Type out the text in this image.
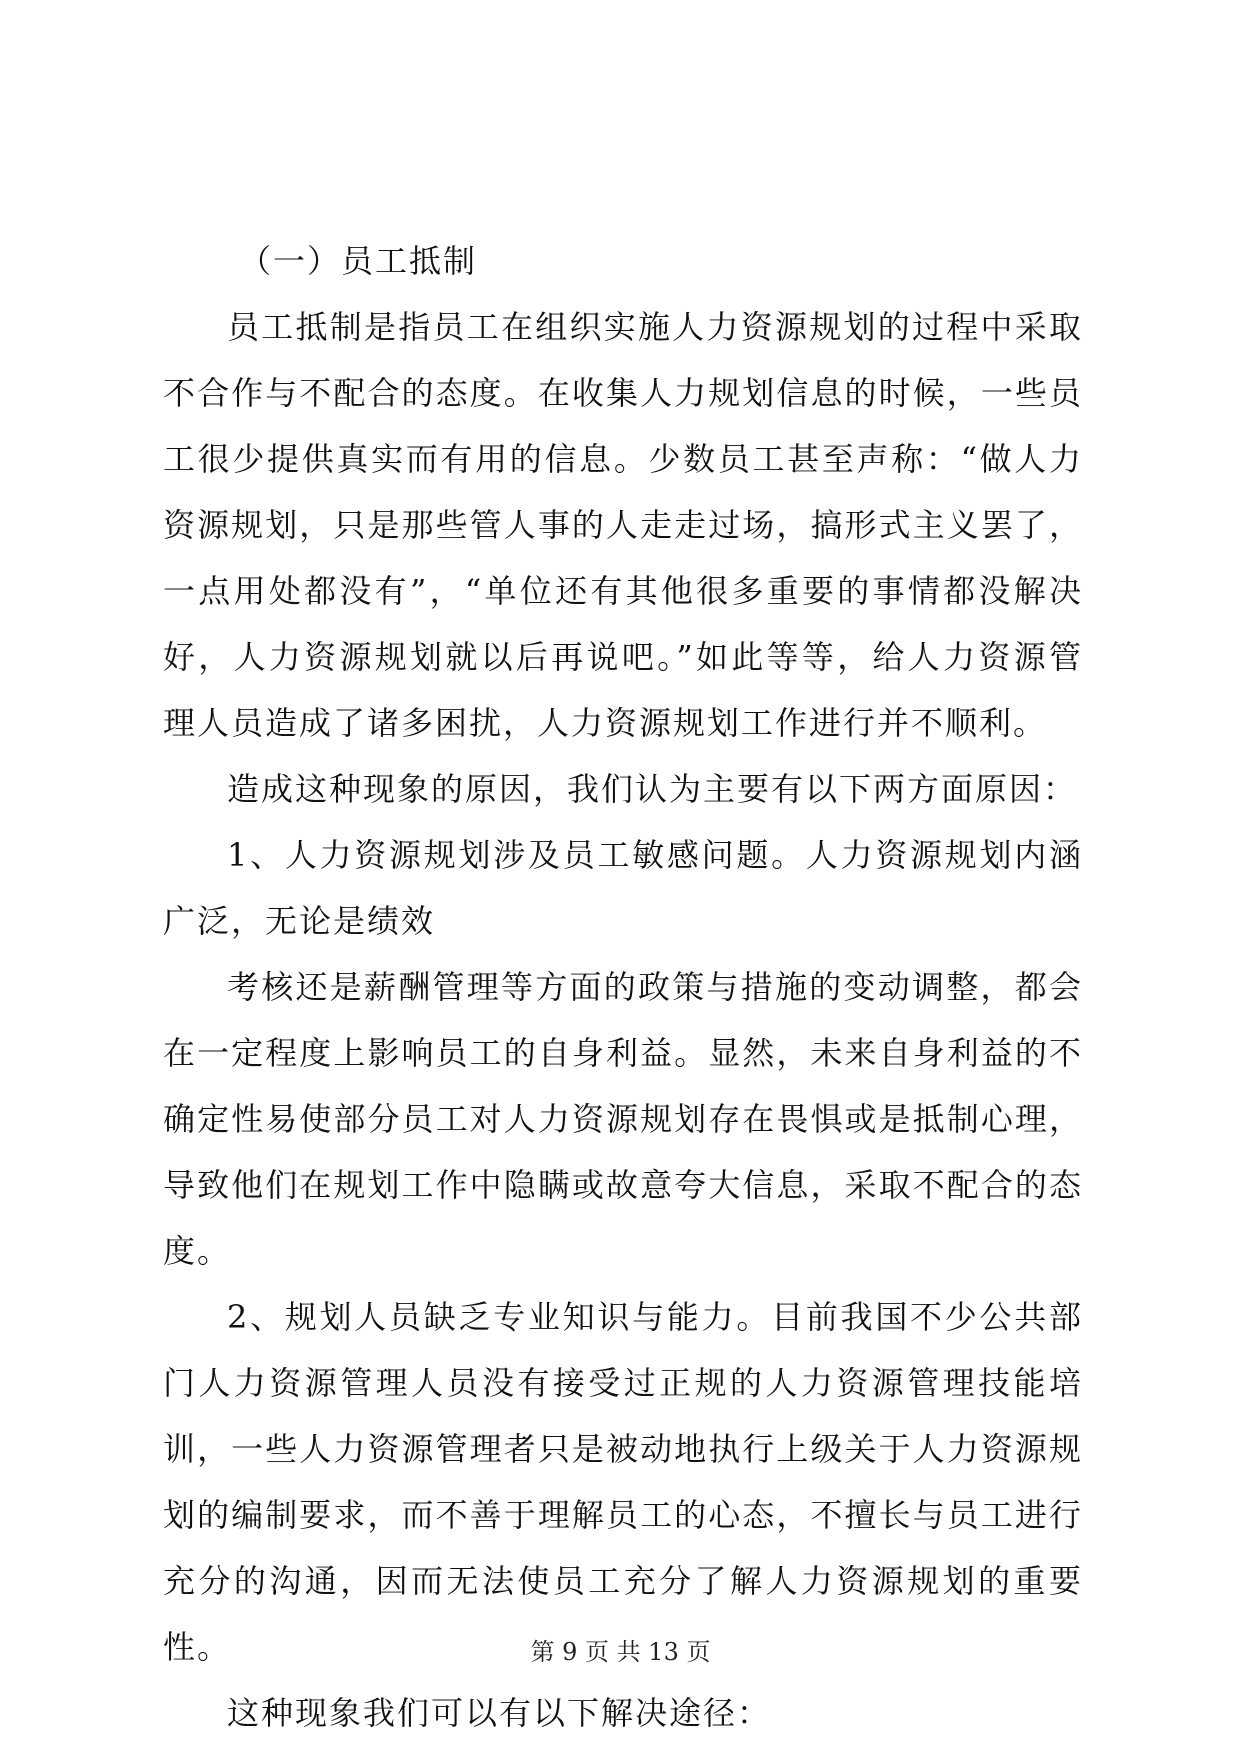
（一）员工抵制

员工抵制是指员工在组织实施人力资源规划的过程中采取不合作与不配合的态度。在收集人力规划信息的时候，一些员工很少提供真实而有用的信息。少数员工甚至声称：“做人力资源规划，只是那些管人事的人走走过场，搞形式主义罢了，一点用处都没有”，“单位还有其他很多重要的事情都没解决好，人力资源规划就以后再说吧。”如此等等，给人力资源管理人员造成了诸多困扰，人力资源规划工作进行并不顺利。

造成这种现象的原因，我们认为主要有以下两方面原因：

1、人力资源规划涉及员工敏感问题。人力资源规划内涵广泛，无论是绩效

考核还是薪酬管理等方面的政策与措施的变动调整，都会在一定程度上影响员工的自身利益。显然，未来自身利益的不确定性易使部分员工对人力资源规划存在畏惧或是抵制心理，导致他们在规划工作中隐瞒或故意夸大信息，采取不配合的态度。

2、规划人员缺乏专业知识与能力。目前我国不少公共部门人力资源管理人员没有接受过正规的人力资源管理技能培训，一些人力资源管理者只是被动地执行上级关于人力资源规划的编制要求，而不善于理解员工的心态，不擅长与员工进行充分的沟通，因而无法使员工充分了解人力资源规划的重要性。

这种现象我们可以有以下解决途径：

第 9 页 共 13 页
